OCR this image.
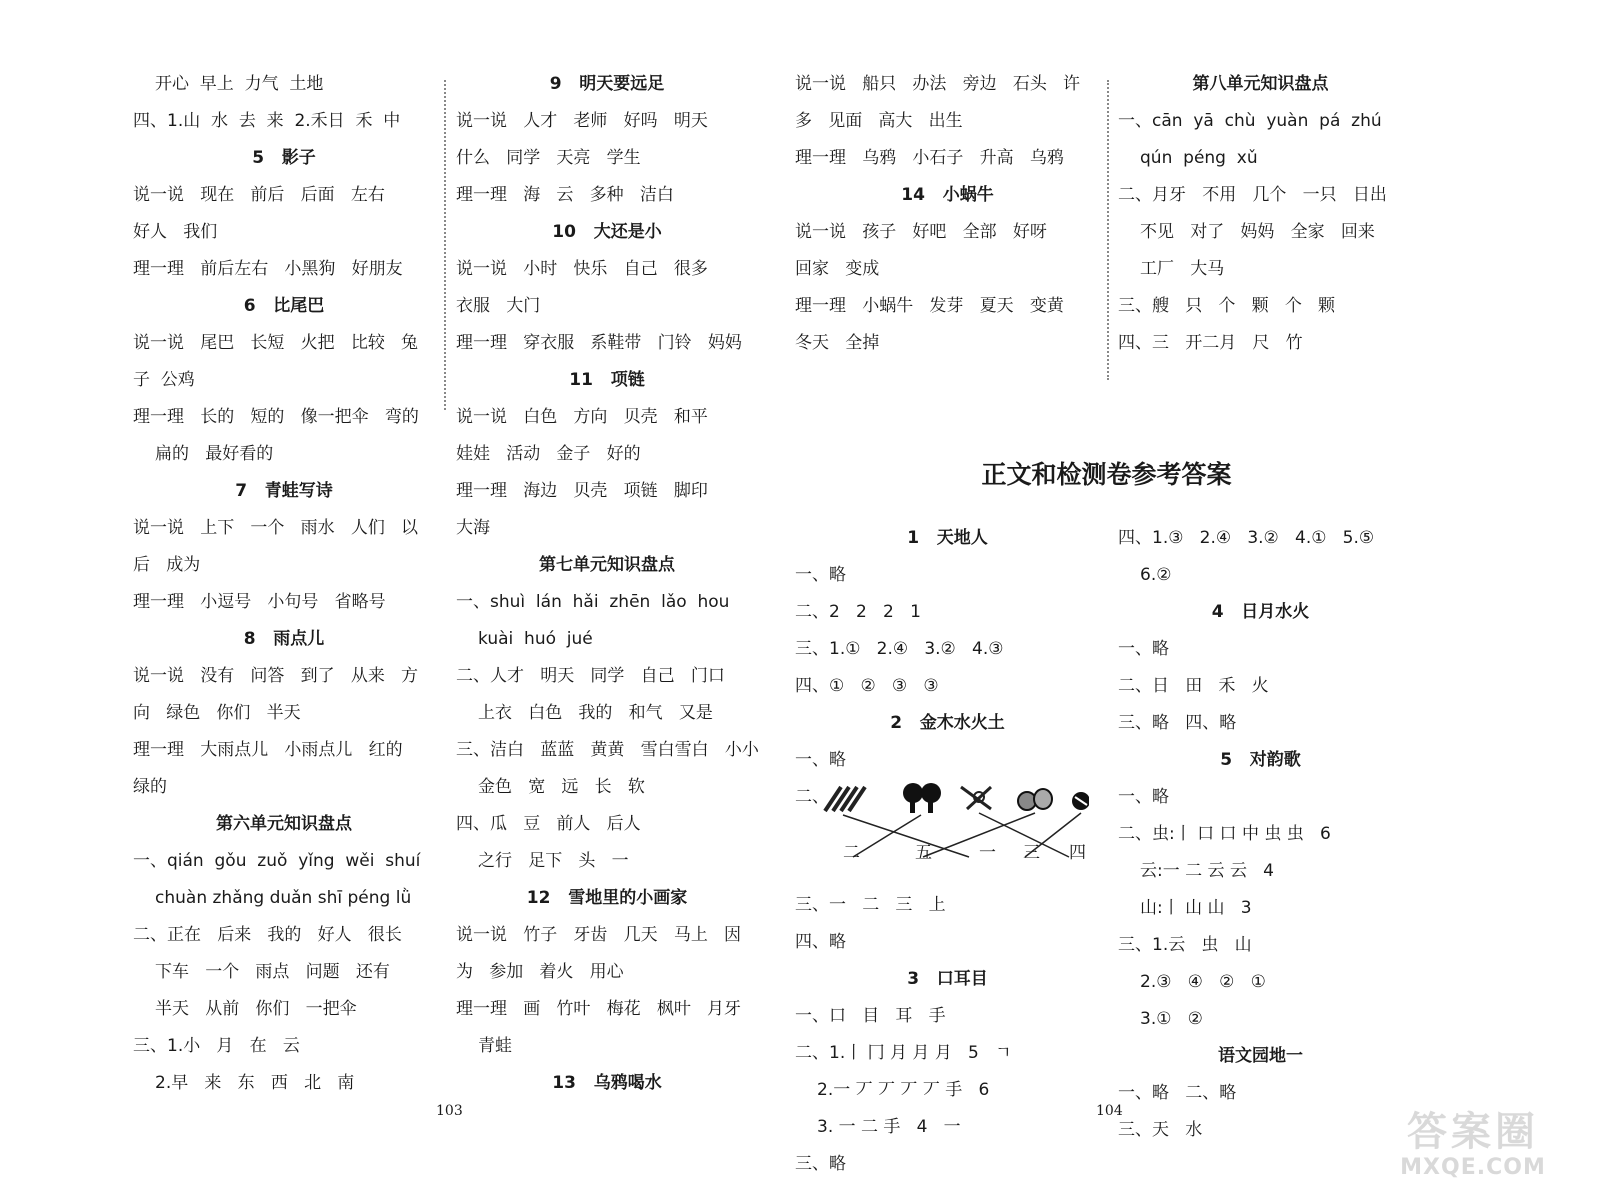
开心  早上  力气  土地
四、1.山  水  去  来  2.禾日  禾  中
5   影子
说一说   现在   前后   后面   左右
好人   我们
理一理   前后左右   小黑狗   好朋友
6   比尾巴
说一说   尾巴   长短   火把   比较   兔
子  公鸡
理一理   长的   短的   像一把伞   弯的
扁的   最好看的
7   青蛙写诗
说一说   上下   一个   雨水   人们   以
后   成为
理一理   小逗号   小句号   省略号
8   雨点儿
说一说   没有   问答   到了   从来   方
向   绿色   你们   半天
理一理   大雨点儿   小雨点儿   红的
绿的
第六单元知识盘点
一、qián  gǒu  zuǒ  yǐng  wěi  shuí
chuàn zhǎng duǎn shī péng lǜ
二、正在   后来   我的   好人   很长
下车   一个   雨点   问题   还有
半天   从前   你们   一把伞
三、1.小   月   在   云
2.早   来   东   西   北   南
9   明天要远足
说一说   人才   老师   好吗   明天
什么   同学   天亮   学生
理一理   海   云   多种   洁白
10   大还是小
说一说   小时   快乐   自己   很多
衣服   大门
理一理   穿衣服   系鞋带   门铃   妈妈
11   项链
说一说   白色   方向   贝壳   和平
娃娃   活动   金子   好的
理一理   海边   贝壳   项链   脚印
大海
第七单元知识盘点
一、shuì  lán  hǎi  zhēn  lǎo  hou
kuài  huó  jué
二、人才   明天   同学   自己   门口
上衣   白色   我的   和气   又是
三、洁白   蓝蓝   黄黄   雪白雪白   小小
金色   宽   远   长   软
四、瓜   豆   前人   后人
之行   足下   头   一
12   雪地里的小画家
说一说   竹子   牙齿   几天   马上   因
为   参加   着火   用心
理一理   画   竹叶   梅花   枫叶   月牙
青蛙
13   乌鸦喝水
说一说   船只   办法   旁边   石头   许
多   见面   高大   出生
理一理   乌鸦   小石子   升高   乌鸦
14   小蜗牛
说一说   孩子   好吧   全部   好呀
回家   变成
理一理   小蜗牛   发芽   夏天   变黄
冬天   全掉
正文和检测卷参考答案
1   天地人
一、略
二、2   2   2   1
三、1.①   2.④   3.②   4.③
四、①   ②   ③   ③
2   金木水火土
一、略
二、
二	五	一 三 四
三、一   二   三   上
四、略
3   口耳目
一、口   目   耳   手
二、1.丨 冂 月 月 月   5   ㄱ
2.一 丆 丆 丆 丆 手   6
3. 一 二 手   4   一
三、略
第八单元知识盘点
一、cān  yā  chù  yuàn  pá  zhú
qún  péng  xǔ
二、月牙   不用   几个   一只   日出
不见   对了   妈妈   全家   回来
工厂   大马
三、艘   只   个   颗   个   颗
四、三   开二月   尺   竹
四、1.③   2.④   3.②   4.①   5.⑤
6.②
4   日月水火
一、略
二、日   田   禾   火
三、略   四、略
5   对韵歌
一、略
二、虫:丨 口 口 中 虫 虫   6
云:一 二 云 云   4
山:丨 山 山   3
三、1.云   虫   山
2.③   ④   ②   ①
3.①   ②
语文园地一
一、略   二、略
三、天   水
103	104	答案圈
MXQE.COM
